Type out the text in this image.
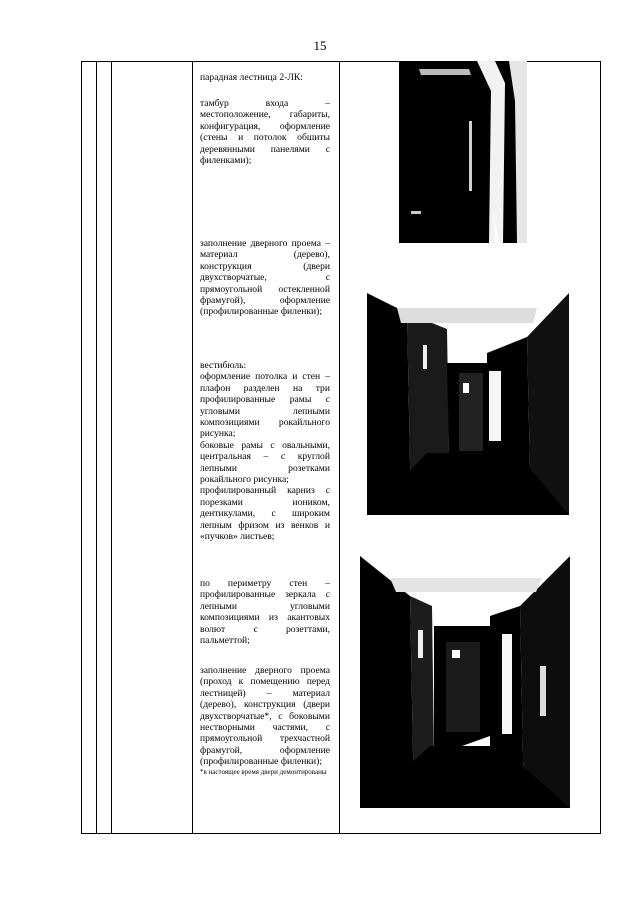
15

парадная лестница 2-ЛК:

тамбур входа – местоположение, габариты, конфигурация, оформление (стены и потолок обшиты деревянными панелями с филенками);

заполнение дверного проема – материал (дерево), конструкция (двери двухстворчатые, с прямоугольной остекленной фрамугой), оформление (профилированные филенки);

вестибюль:

оформление потолка и стен – плафон разделен на три профилированные рамы с угловыми лепными композициями рокайльного рисунка;

боковые рамы с овальными, центральная – с круглой лепными розетками рокайльного рисунка;

профилированный карниз с порезками иоником, дентикулами, с широким лепным фризом из венков и «пучков» листьев;

по периметру стен – профилированные зеркала с лепными угловыми композициями из акантовых волют с розеттами, пальметтой;

заполнение дверного проема (проход к помещению перед лестницей) – материал (дерево), конструкция (двери двухстворчатые*, с боковыми нестворными частями, с прямоугольной трехчастной фрамугой, оформление (профилированные филенки);

*в настоящее время двери демонтированы
